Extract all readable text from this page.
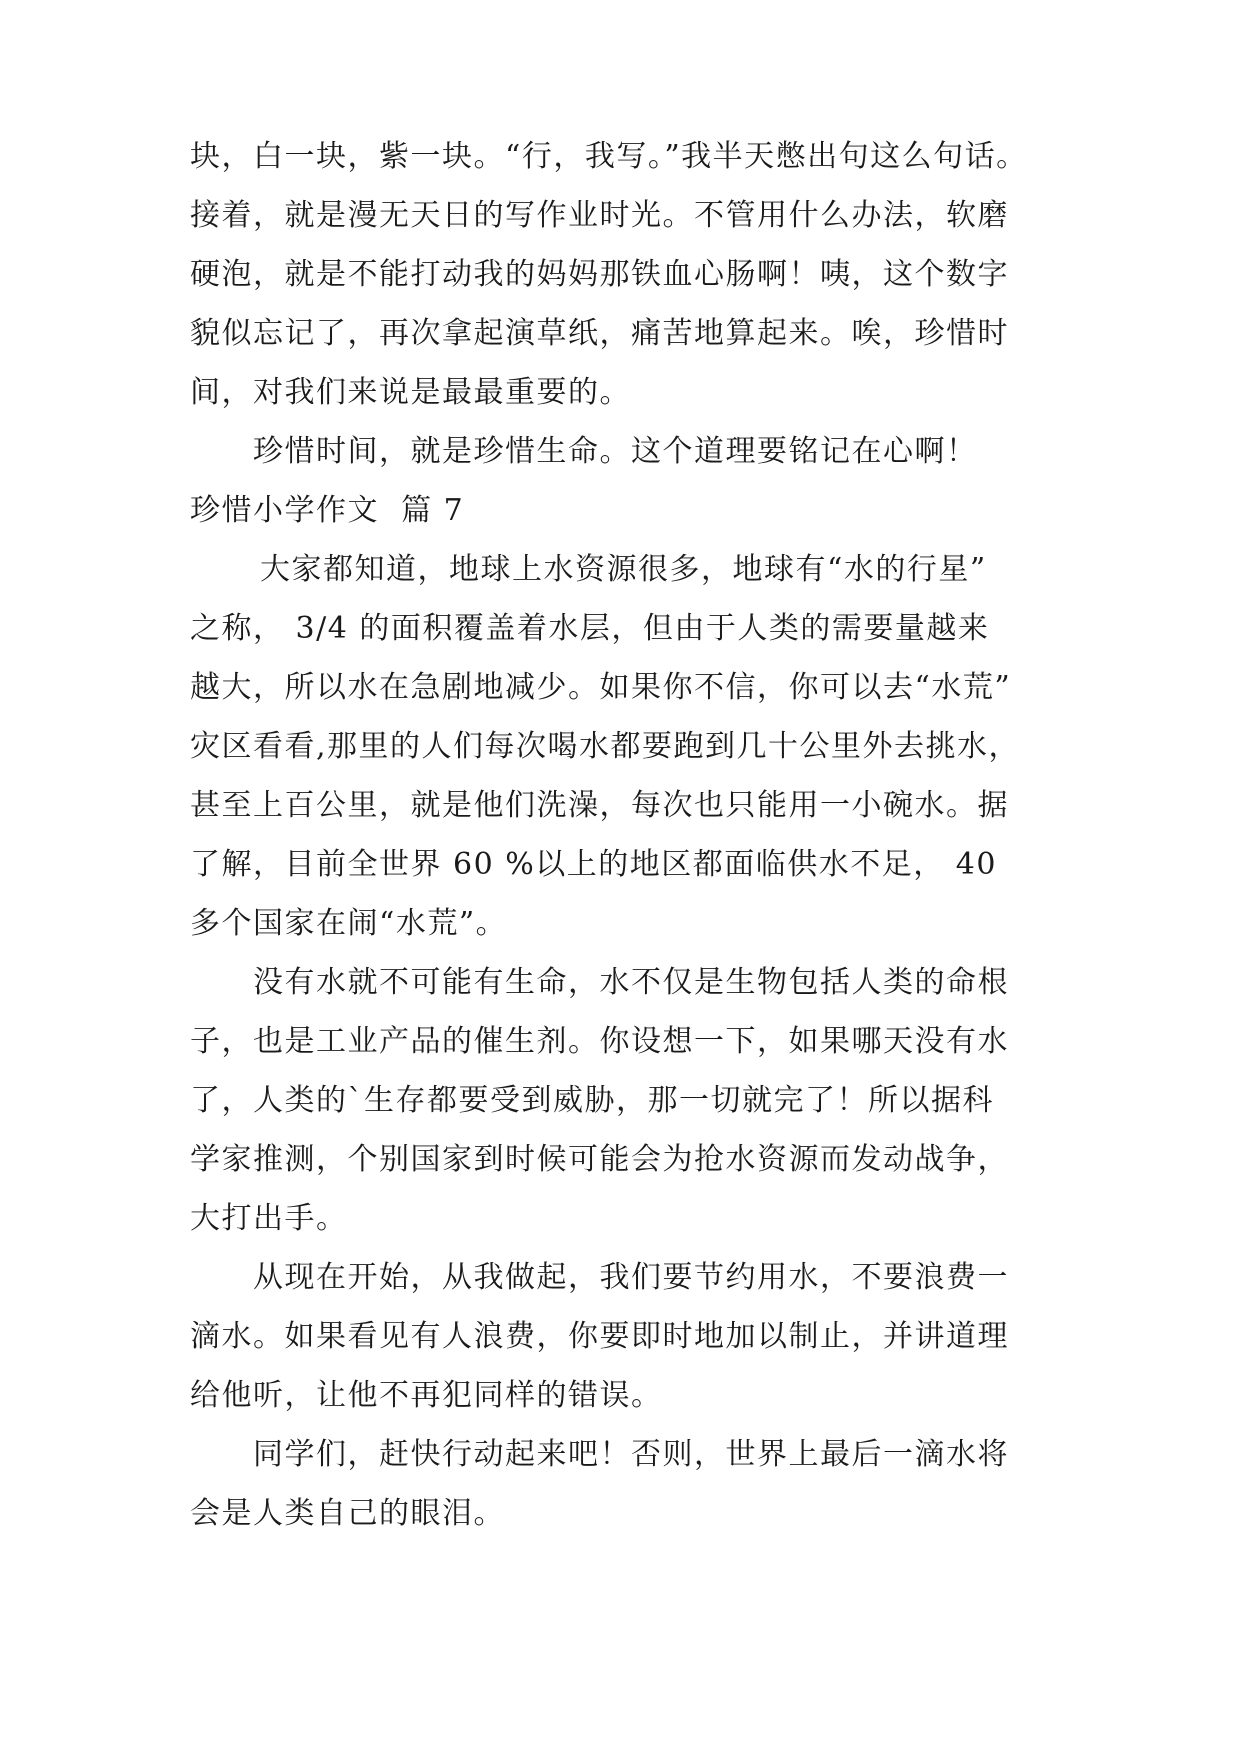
块，白一块，紫一块。“行，我写。”我半天憋出句这么句话。
接着，就是漫无天日的写作业时光。不管用什么办法，软磨
硬泡，就是不能打动我的妈妈那铁血心肠啊！咦，这个数字
貌似忘记了，再次拿起演草纸，痛苦地算起来。唉，珍惜时
间，对我们来说是最最重要的。
珍惜时间，就是珍惜生命。这个道理要铭记在心啊！
珍惜小学作文  篇 7
大家都知道，地球上水资源很多，地球有“水的行星”
之称， 3/4 的面积覆盖着水层，但由于人类的需要量越来
越大，所以水在急剧地减少。如果你不信，你可以去“水荒”
灾区看看,那里的人们每次喝水都要跑到几十公里外去挑水，
甚至上百公里，就是他们洗澡，每次也只能用一小碗水。据
了解，目前全世界 60 %以上的地区都面临供水不足， 40
多个国家在闹“水荒”。
没有水就不可能有生命，水不仅是生物包括人类的命根
子，也是工业产品的催生剂。你设想一下，如果哪天没有水
了，人类的`生存都要受到威胁，那一切就完了！所以据科
学家推测，个别国家到时候可能会为抢水资源而发动战争，
大打出手。
从现在开始，从我做起，我们要节约用水，不要浪费一
滴水。如果看见有人浪费，你要即时地加以制止，并讲道理
给他听，让他不再犯同样的错误。
同学们，赶快行动起来吧！否则，世界上最后一滴水将
会是人类自己的眼泪。
